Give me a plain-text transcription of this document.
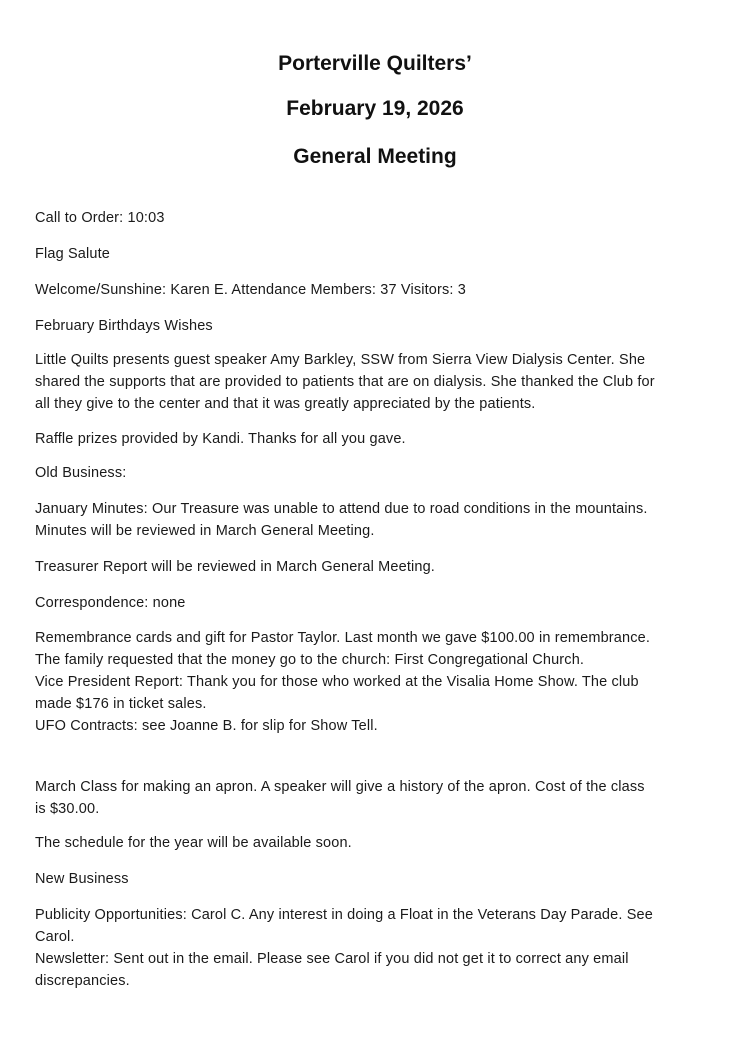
Porterville Quilters’
February 19, 2026
General Meeting

Call to Order: 10:03

Flag Salute

Welcome/Sunshine: Karen E. Attendance Members: 37 Visitors: 3

February Birthdays Wishes

Little Quilts presents guest speaker Amy Barkley, SSW from Sierra View Dialysis Center. She
shared the supports that are provided to patients that are on dialysis. She thanked the Club for
all they give to the center and that it was greatly appreciated by the patients.

Raffle prizes provided by Kandi. Thanks for all you gave.

Old Business:

January Minutes: Our Treasure was unable to attend due to road conditions in the mountains.
Minutes will be reviewed in March General Meeting.

Treasurer Report will be reviewed in March General Meeting.

Correspondence: none

Remembrance cards and gift for Pastor Taylor. Last month we gave $100.00 in remembrance.
The family requested that the money go to the church: First Congregational Church.
Vice President Report: Thank you for those who worked at the Visalia Home Show. The club
made $176 in ticket sales.
UFO Contracts: see Joanne B. for slip for Show Tell.

March Class for making an apron. A speaker will give a history of the apron. Cost of the class
is $30.00.

The schedule for the year will be available soon.

New Business

Publicity Opportunities: Carol C. Any interest in doing a Float in the Veterans Day Parade. See
Carol.
Newsletter: Sent out in the email. Please see Carol if you did not get it to correct any email
discrepancies.
